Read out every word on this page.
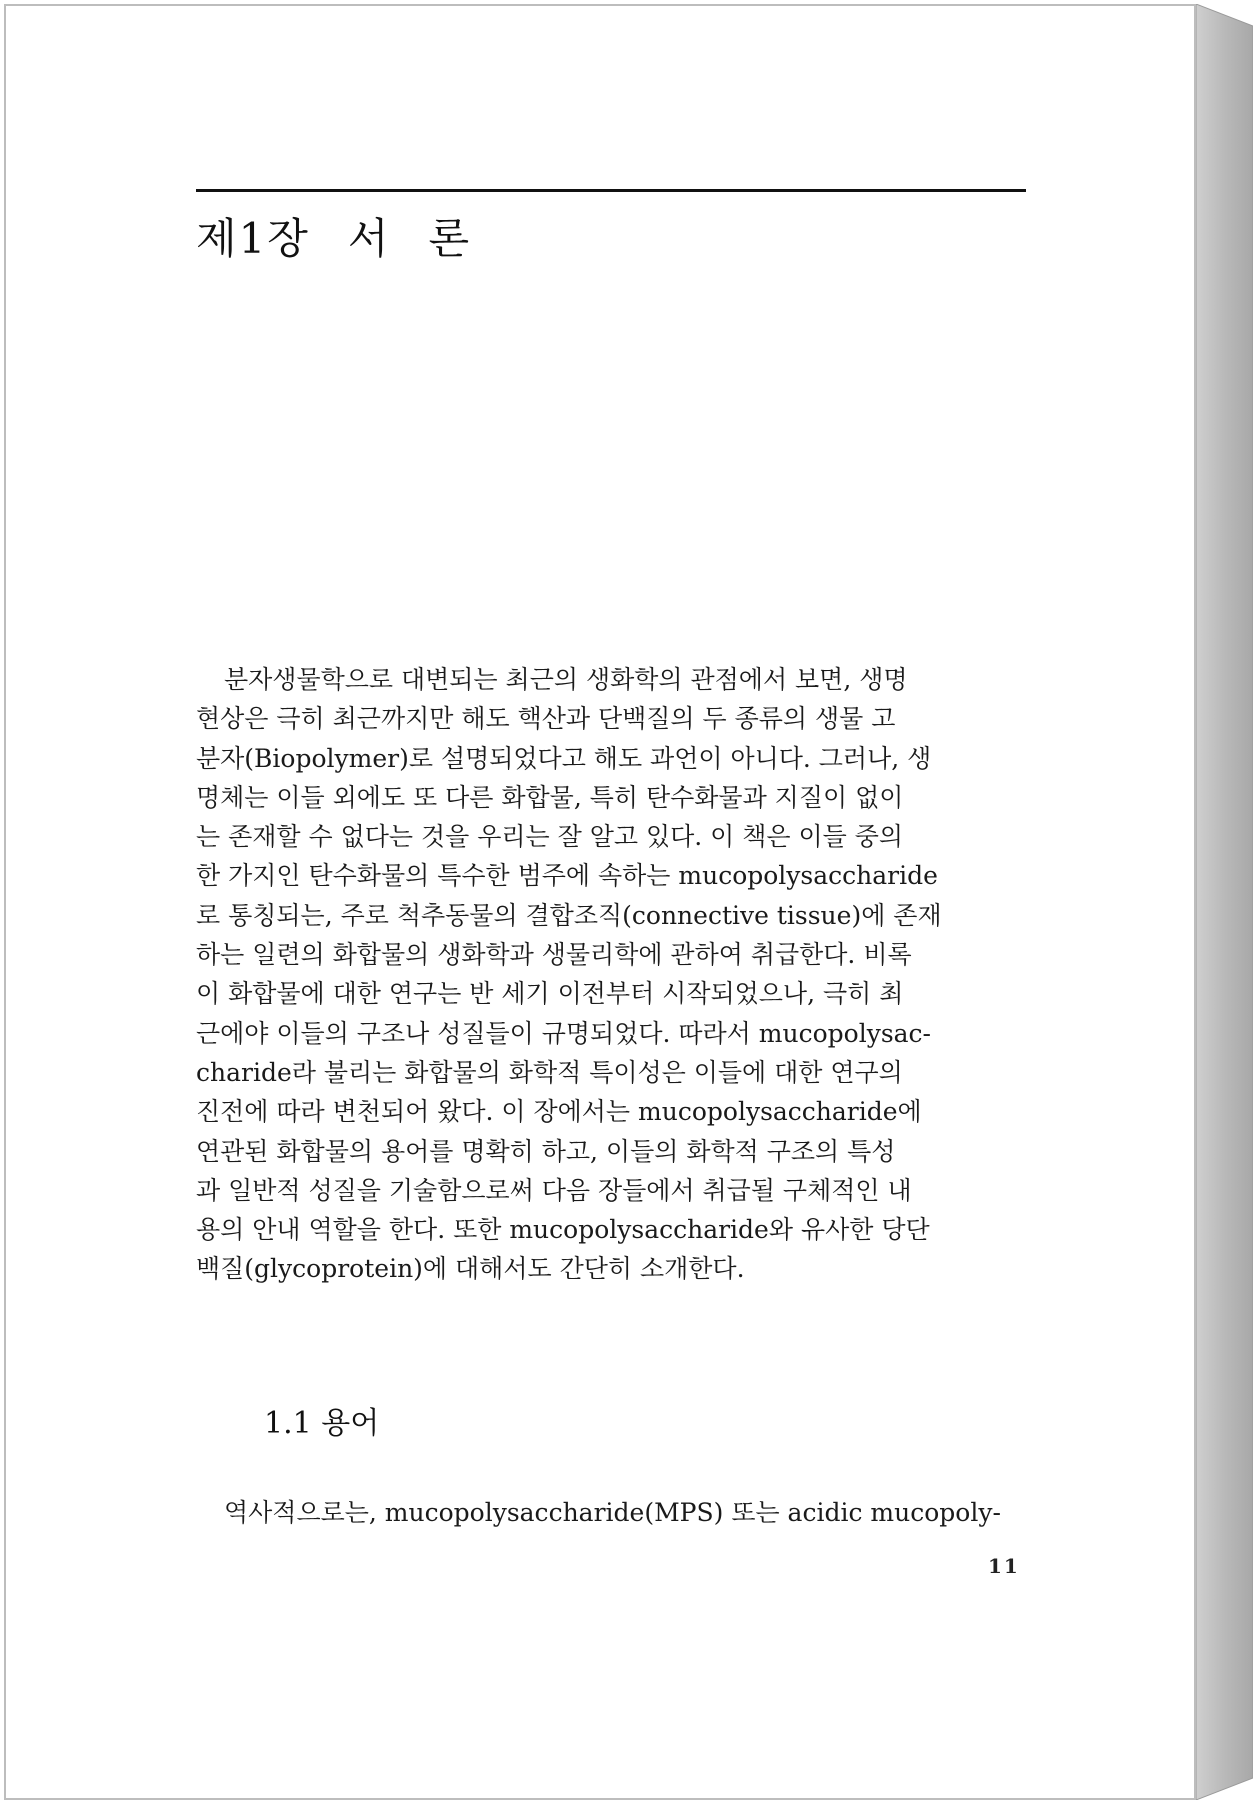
제1장 서 론
분자생물학으로 대변되는 최근의 생화학의 관점에서 보면, 생명
현상은 극히 최근까지만 해도 핵산과 단백질의 두 종류의 생물 고
분자(Biopolymer)로 설명되었다고 해도 과언이 아니다. 그러나, 생
명체는 이들 외에도 또 다른 화합물, 특히 탄수화물과 지질이 없이
는 존재할 수 없다는 것을 우리는 잘 알고 있다. 이 책은 이들 중의
한 가지인 탄수화물의 특수한 범주에 속하는 mucopolysaccharide
로 통칭되는, 주로 척추동물의 결합조직(connective tissue)에 존재
하는 일련의 화합물의 생화학과 생물리학에 관하여 취급한다. 비록
이 화합물에 대한 연구는 반 세기 이전부터 시작되었으나, 극히 최
근에야 이들의 구조나 성질들이 규명되었다. 따라서 mucopolysac-
charide라 불리는 화합물의 화학적 특이성은 이들에 대한 연구의
진전에 따라 변천되어 왔다. 이 장에서는 mucopolysaccharide에
연관된 화합물의 용어를 명확히 하고, 이들의 화학적 구조의 특성
과 일반적 성질을 기술함으로써 다음 장들에서 취급될 구체적인 내
용의 안내 역할을 한다. 또한 mucopolysaccharide와 유사한 당단
백질(glycoprotein)에 대해서도 간단히 소개한다.
1.1 용어
역사적으로는, mucopolysaccharide(MPS) 또는 acidic mucopoly-
11
